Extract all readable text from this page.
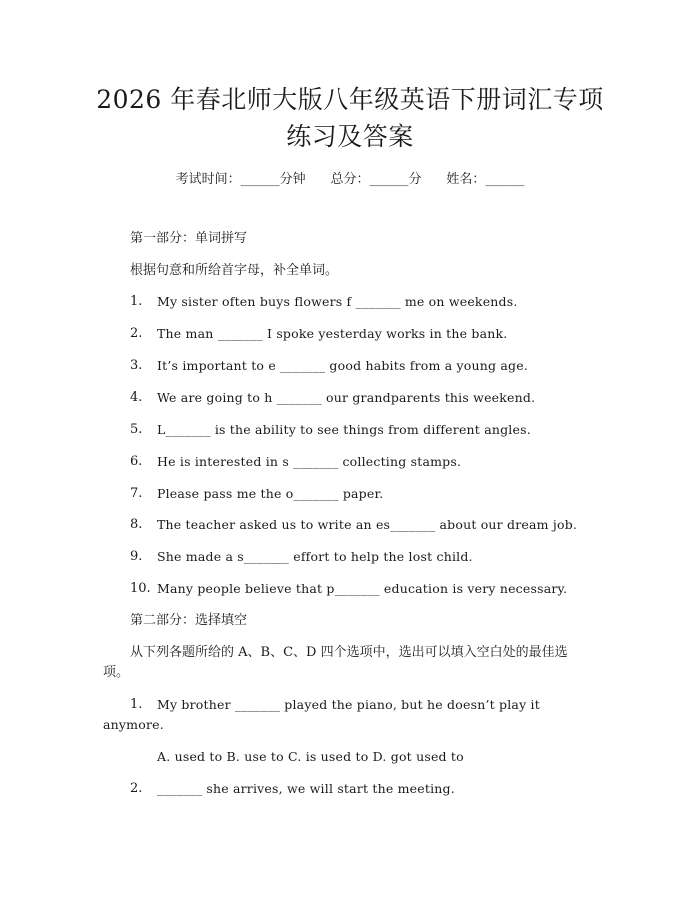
2026 年春北师大版八年级英语下册词汇专项
练习及答案
考试时间：______分钟 总分：______分 姓名：______
第一部分：单词拼写
根据句意和所给首字母，补全单词。
1. My sister often buys flowers f _______ me on weekends.
2. The man _______ I spoke yesterday works in the bank.
3. It’s important to e _______ good habits from a young age.
4. We are going to h _______ our grandparents this weekend.
5. L_______ is the ability to see things from different angles.
6. He is interested in s _______ collecting stamps.
7. Please pass me the o_______ paper.
8. The teacher asked us to write an es_______ about our dream job.
9. She made a s_______ effort to help the lost child.
10. Many people believe that p_______ education is very necessary.
第二部分：选择填空
从下列各题所给的 A、B、C、D 四个选项中，选出可以填入空白处的最佳选
项。
1. My brother _______ played the piano, but he doesn’t play it
anymore.
A. used to B. use to C. is used to D. got used to
2. _______ she arrives, we will start the meeting.
